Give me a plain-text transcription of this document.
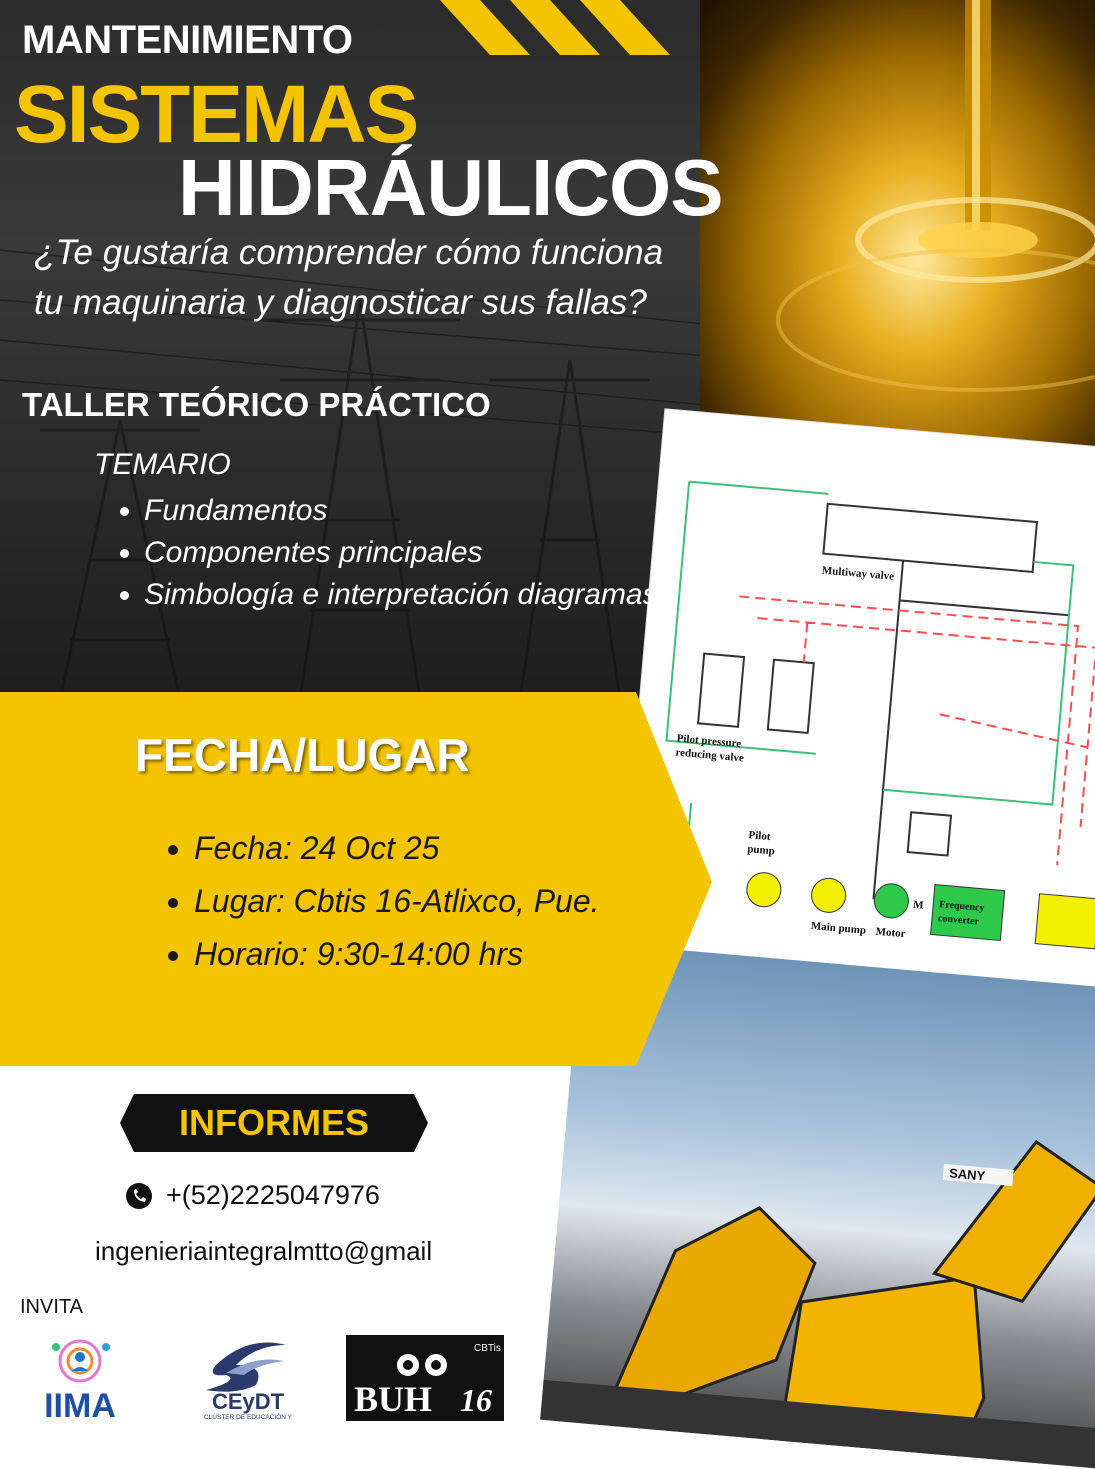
M
Multiway valve
Pilot pressure
reducing valve
Pilot
pump
Main pump Motor
Frequency
converter
SANY
MANTENIMIENTO
SISTEMAS
HIDRÁULICOS
¿Te gustaría comprender cómo funciona tu maquinaria y diagnosticar sus fallas?
TALLER TEÓRICO PRÁCTICO
TEMARIO
• Fundamentos
• Componentes principales
• Simbología e interpretación diagramas
FECHA/LUGAR
• Fecha: 24 Oct 25
• Lugar: Cbtis 16-Atlixco, Pue.
• Horario: 9:30-14:00 hrs
INFORMES
+(52)2225047976
ingenieriaintegralmtto@gmail
INVITA
IIMA	CEyDT
CLÚSTER DE EDUCACIÓN Y BUH 16
CBTis
